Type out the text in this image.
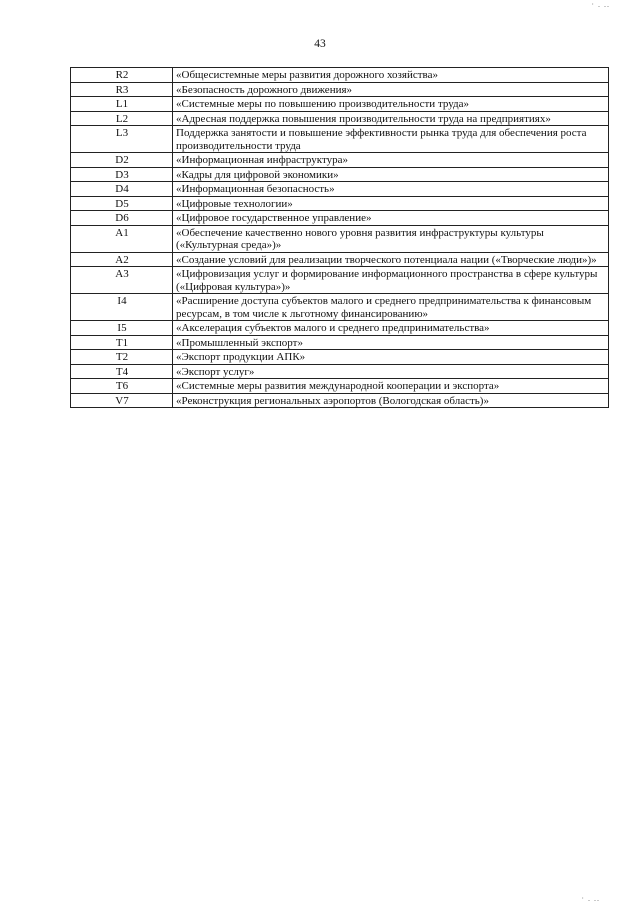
43
R2	«Общесистемные меры развития дорожного хозяйства»
R3	«Безопасность дорожного движения»
L1	«Системные меры по повышению производительности труда»
L2	«Адресная поддержка повышения производительности труда на предприятиях»
L3	Поддержка занятости и повышение эффективности рынка труда для обеспечения роста производительности труда
D2	«Информационная инфраструктура»
D3	«Кадры для цифровой экономики»
D4	«Информационная безопасность»
D5	«Цифровые технологии»
D6	«Цифровое государственное управление»
A1	«Обеспечение качественно нового уровня развития инфраструктуры культуры («Культурная среда»)»
A2	«Создание условий для реализации творческого потенциала нации («Творческие люди»)»
A3	«Цифровизация услуг и формирование информационного пространства в сфере культуры («Цифровая культура»)»
I4	«Расширение доступа субъектов малого и среднего предпринимательства к финансовым ресурсам, в том числе к льготному финансированию»
I5	«Акселерация субъектов малого и среднего предпринимательства»
T1	«Промышленный экспорт»
T2	«Экспорт продукции АПК»
T4	«Экспорт услуг»
T6	«Системные меры развития международной кооперации и экспорта»
V7	«Реконструкция региональных аэропортов (Вологодская область)»
· . ..
· . ..
